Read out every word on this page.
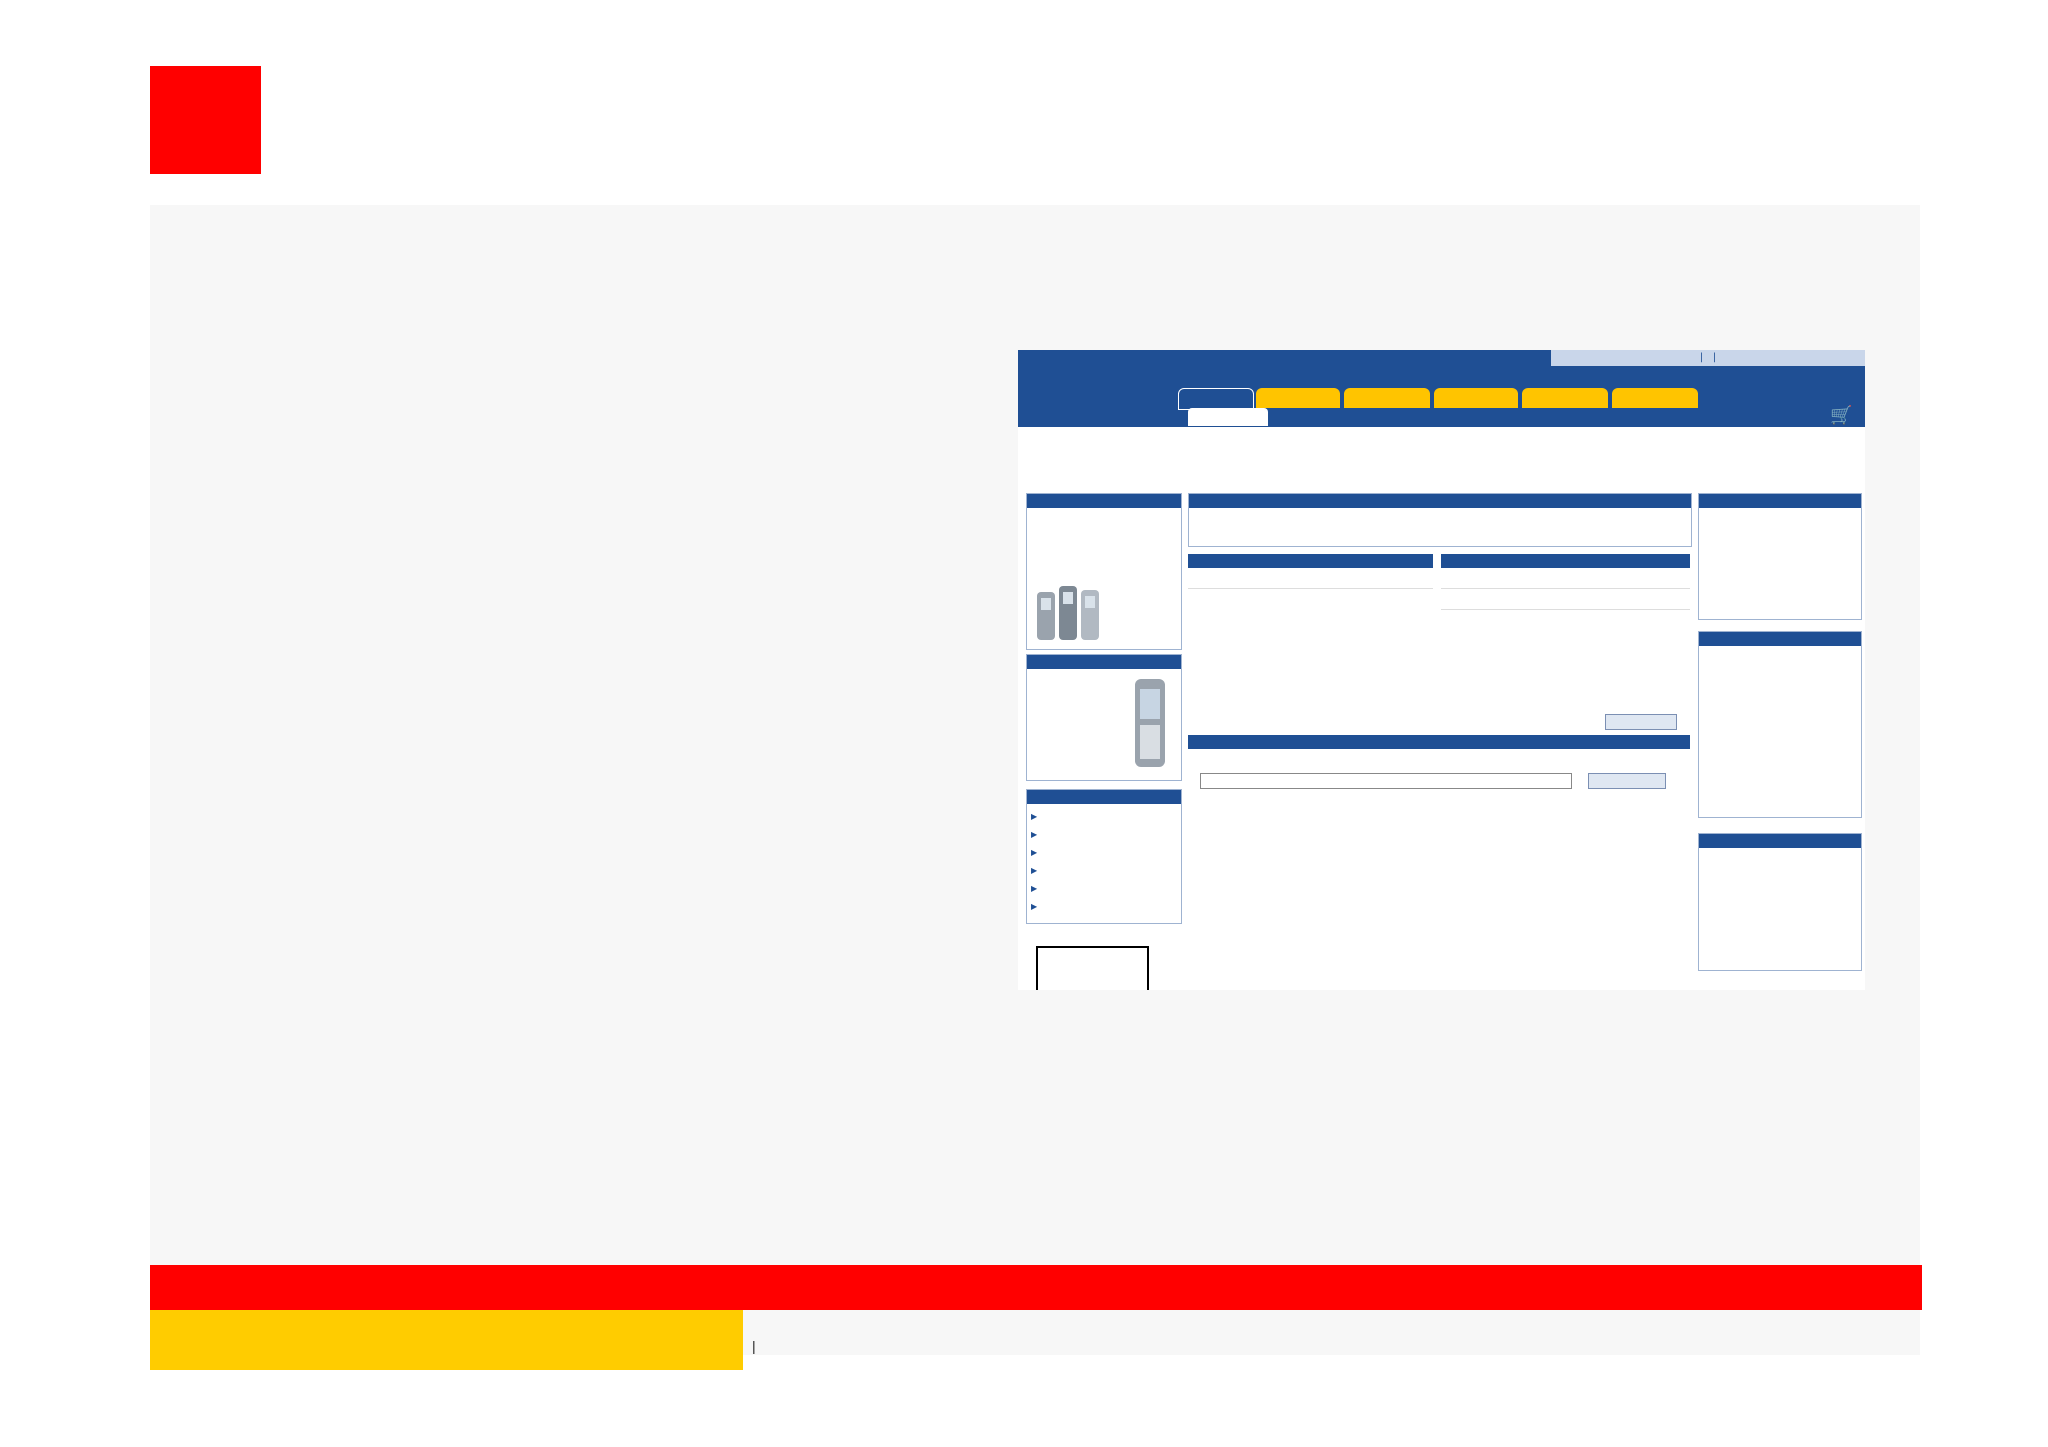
|   |
🛒
▶
▶
▶
▶
▶
▶
|
